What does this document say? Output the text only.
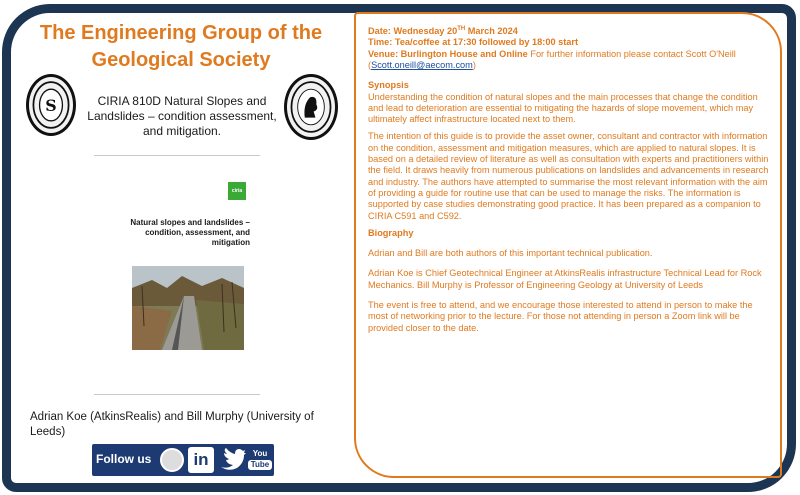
The Engineering Group of the Geological Society
S	CIRIA 810D Natural Slopes and Landslides – condition assessment, and mitigation.
ciria
Natural slopes and landslides – condition, assessment, and mitigation
Adrian Koe (AtkinsRealis) and Bill Murphy (University of Leeds)
Follow us	in	You
Tube

Date: Wednesday 20TH March 2024

Time: Tea/coffee at 17:30 followed by 18:00 start

Venue: Burlington House and Online For further information please contact Scott O'Neill (Scott.oneill@aecom.com)

Synopsis

Understanding the condition of natural slopes and the main processes that change the condition and lead to deterioration are essential to mitigating the hazards of slope movement, which may ultimately affect infrastructure located next to them.

The intention of this guide is to provide the asset owner, consultant and contractor with information on the condition, assessment and mitigation measures, which are applied to natural slopes. It is based on a detailed review of literature as well as consultation with experts and practitioners within the field. It draws heavily from numerous publications on landslides and advancements in research and industry. The authors have attempted to summarise the most relevant information with the aim of providing a guide for routine use that can be used to manage the risks. The information is supported by case studies demonstrating good practice. It has been prepared as a companion to CIRIA C591 and C592.

Biography

Adrian and Bill are both authors of this important technical publication.

Adrian Koe is Chief Geotechnical Engineer at AtkinsRealis infrastructure Technical Lead for Rock Mechanics. Bill Murphy is Professor of Engineering Geology at University of Leeds

The event is free to attend, and we encourage those interested to attend in person to make the most of networking prior to the lecture. For those not attending in person a Zoom link will be provided closer to the date.
